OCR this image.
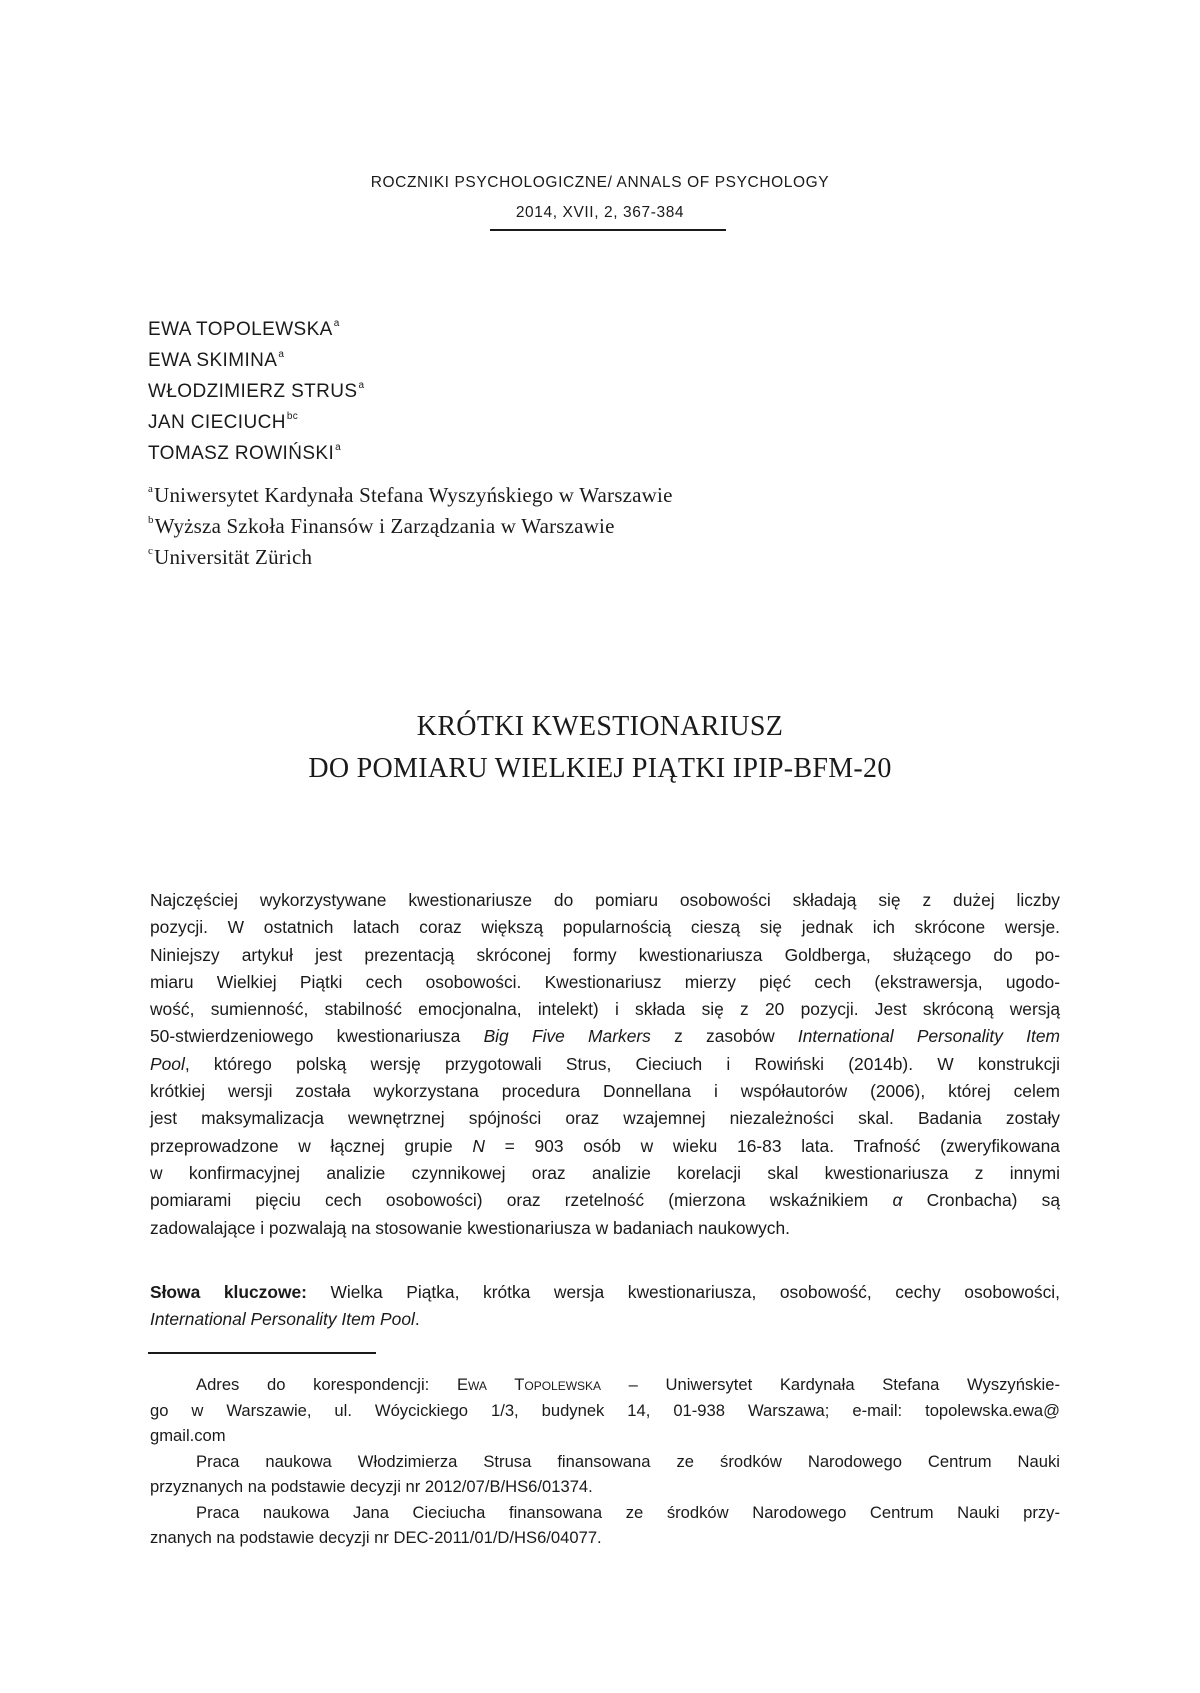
ROCZNIKI PSYCHOLOGICZNE/ ANNALS OF PSYCHOLOGY
2014, XVII, 2, 367-384
EWA TOPOLEWSKA$^a$
EWA SKIMINA$^a$
WŁODZIMIERZ STRUS$^a$
JAN $CIECIUCH^{bc}$
TOMASZ ROWIŃSKI$^a$
$^a$Uniwersytet Kardynała Stefana Wyszyńskiego w Warszawie
$^b$Wyższa Szkoła Finansów i Zarządzania w Warszawie
$^c$Universität Zürich
KRÓTKI KWESTIONARIUSZ
DO POMIARU WIELKIEJ PIĄTKI IPIP-BFM-20
Najczęściej wykorzystywane kwestionariusze do pomiaru osobowości składają się z dużej liczby
pozycji. W ostatnich latach coraz większą popularnością cieszą się jednak ich skrócone wersje.
Niniejszy artykuł jest prezentacją skróconej formy kwestionariusza Goldberga, służącego do po-
miaru Wielkiej Piątki cech osobowości. Kwestionariusz mierzy pięć cech (ekstrawersja, ugodo-
wość, sumienność, stabilność emocjonalna, intelekt) i składa się z 20 pozycji. Jest skróconą wersją
50-stwierdzeniowego kwestionariusza Big Five Markers z zasobów International Personality Item
Pool, którego polską wersję przygotowali Strus, Cieciuch i Rowiński (2014b). W konstrukcji
krótkiej wersji została wykorzystana procedura Donnellana i współautorów (2006), której celem
jest maksymalizacja wewnętrznej spójności oraz wzajemnej niezależności skal. Badania zostały
przeprowadzone w łącznej grupie N = 903 osób w wieku 16-83 lata. Trafność (zweryfikowana
w konfirmacyjnej analizie czynnikowej oraz analizie korelacji skal kwestionariusza z innymi
pomiarami pięciu cech osobowości) oraz rzetelność (mierzona wskaźnikiem α Cronbacha) są
zadowalające i pozwalają na stosowanie kwestionariusza w badaniach naukowych.
Słowa kluczowe: Wielka Piątka, krótka wersja kwestionariusza, osobowość, cechy osobowości,
International Personality Item Pool.
Adres do korespondencji: Ewa Topolewska – Uniwersytet Kardynała Stefana Wyszyńskie-
go w Warszawie, ul. Wóycickiego 1/3, budynek 14, 01-938 Warszawa; e-mail: topolewska.ewa@
gmail.com
Praca naukowa Włodzimierza Strusa finansowana ze środków Narodowego Centrum Nauki
przyznanych na podstawie decyzji nr 2012/07/B/HS6/01374.
Praca naukowa Jana Cieciucha finansowana ze środków Narodowego Centrum Nauki przy-
znanych na podstawie decyzji nr DEC-2011/01/D/HS6/04077.
